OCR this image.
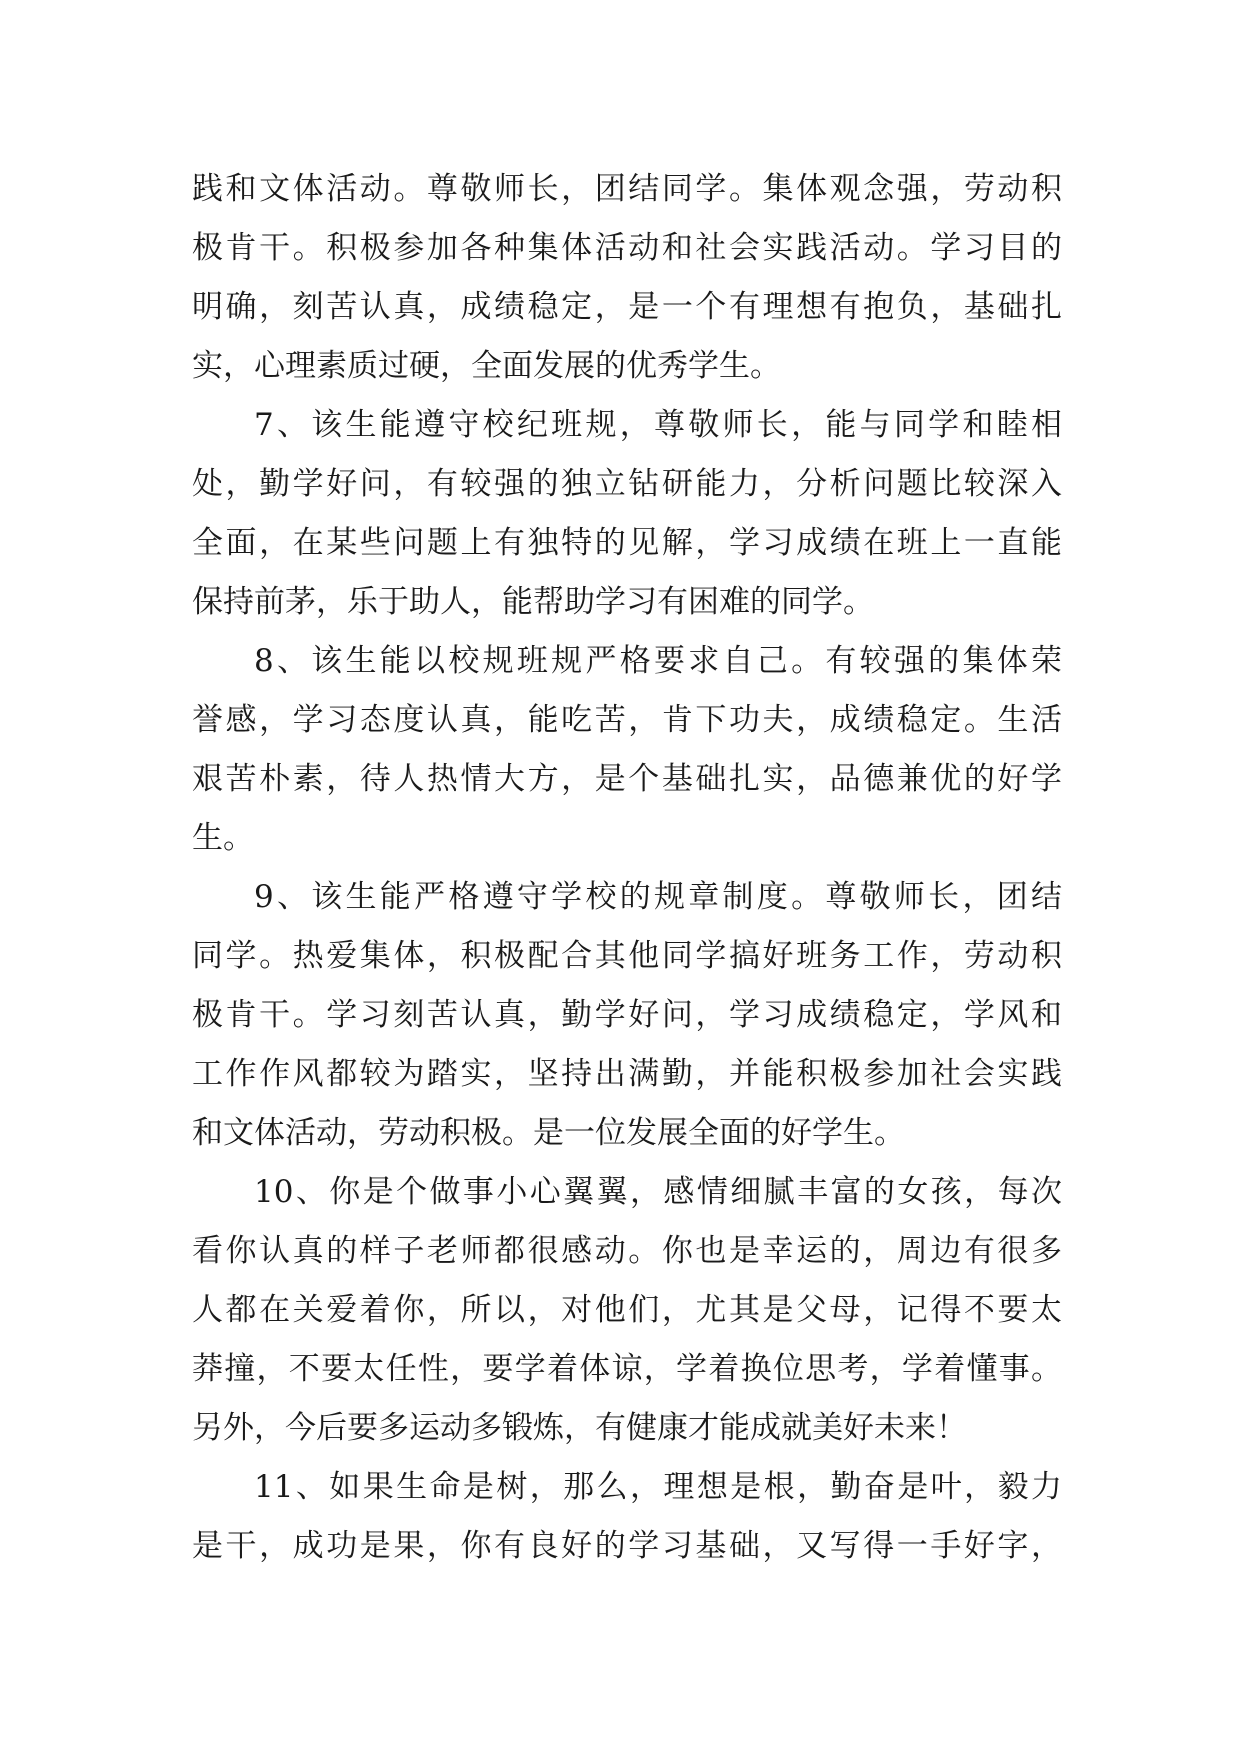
践和文体活动。尊敬师长，团结同学。集体观念强，劳动积
极肯干。积极参加各种集体活动和社会实践活动。学习目的
明确，刻苦认真，成绩稳定，是一个有理想有抱负，基础扎
实，心理素质过硬，全面发展的优秀学生。
7、该生能遵守校纪班规，尊敬师长，能与同学和睦相
处，勤学好问，有较强的独立钻研能力，分析问题比较深入
全面，在某些问题上有独特的见解，学习成绩在班上一直能
保持前茅，乐于助人，能帮助学习有困难的同学。
8、该生能以校规班规严格要求自己。有较强的集体荣
誉感，学习态度认真，能吃苦，肯下功夫，成绩稳定。生活
艰苦朴素，待人热情大方，是个基础扎实，品德兼优的好学
生。
9、该生能严格遵守学校的规章制度。尊敬师长，团结
同学。热爱集体，积极配合其他同学搞好班务工作，劳动积
极肯干。学习刻苦认真，勤学好问，学习成绩稳定，学风和
工作作风都较为踏实，坚持出满勤，并能积极参加社会实践
和文体活动，劳动积极。是一位发展全面的好学生。
10、你是个做事小心翼翼，感情细腻丰富的女孩，每次
看你认真的样子老师都很感动。你也是幸运的，周边有很多
人都在关爱着你，所以，对他们，尤其是父母，记得不要太
莽撞，不要太任性，要学着体谅，学着换位思考，学着懂事。
另外，今后要多运动多锻炼，有健康才能成就美好未来！
11、如果生命是树，那么，理想是根，勤奋是叶，毅力
是干，成功是果，你有良好的学习基础，又写得一手好字，
